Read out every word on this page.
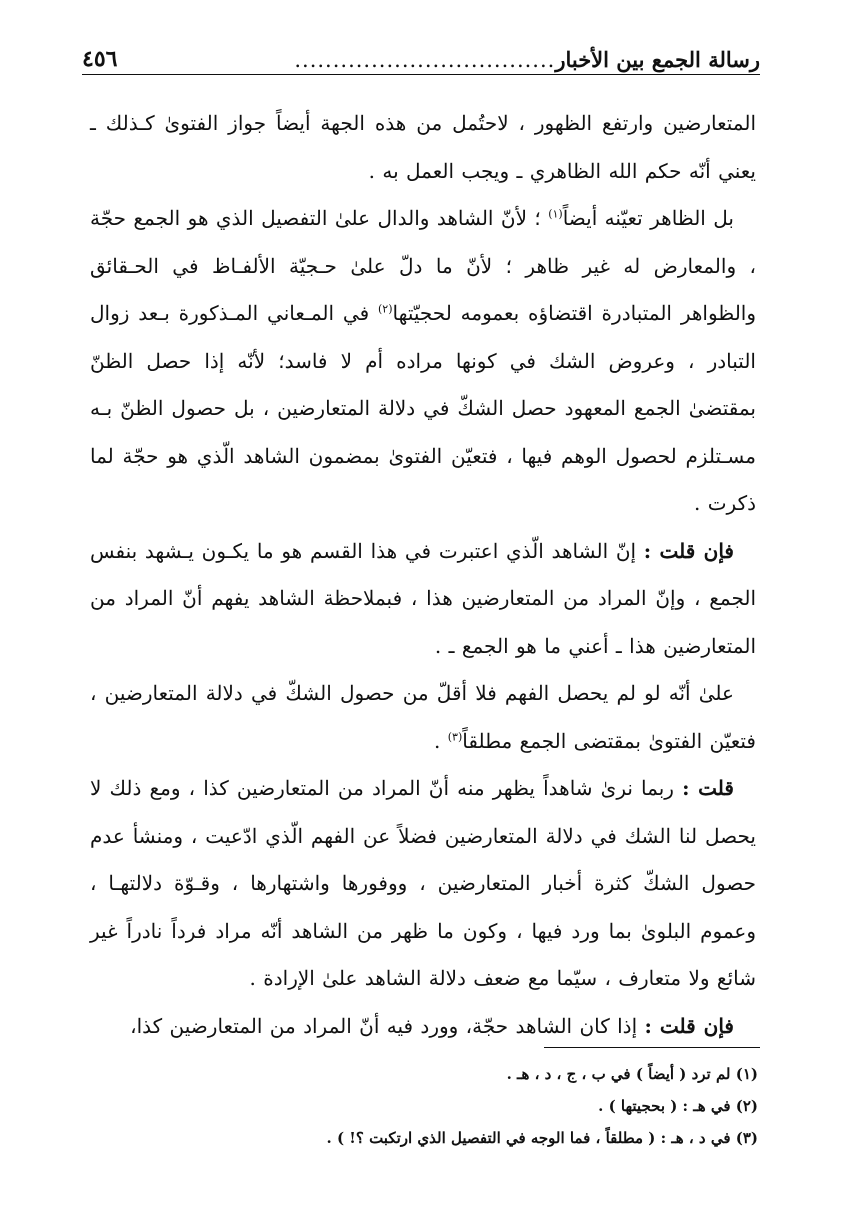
رسالة الجمع بين الأخبار
..................................
٤٥٦

المتعارضين وارتفع الظهور ، لاحتُمل من هذه الجهة أيضاً جواز الفتوىٰ كـذلك ـ يعني أنّه حكم الله الظاهري ـ ويجب العمل به .

بل الظاهر تعيّنه أيضاً$^{(١)}$ ؛ لأنّ الشاهد والدال علىٰ التفصيل الذي هو الجمع حجّة ، والمعارض له غير ظاهر ؛ لأنّ ما دلّ علىٰ حـجيّة الألفـاظ في الحـقائق والظواهر المتبادرة اقتضاؤه بعمومه لحجيّتها$^{(٢)}$ في المـعاني المـذكورة بـعد زوال التبادر ، وعروض الشك في كونها مراده أم لا فاسد؛ لأنّه إذا حصل الظنّ بمقتضىٰ الجمع المعهود حصل الشكّ في دلالة المتعارضين ، بل حصول الظنّ بـه مسـتلزم لحصول الوهم فيها ، فتعيّن الفتوىٰ بمضمون الشاهد الّذي هو حجّة لما ذكرت .

فإن قلت : إنّ الشاهد الّذي اعتبرت في هذا القسم هو ما يكـون يـشهد بنفس الجمع ، وإنّ المراد من المتعارضين هذا ، فبملاحظة الشاهد يفهم أنّ المراد من المتعارضين هذا ـ أعني ما هو الجمع ـ .

علىٰ أنّه لو لم يحصل الفهم فلا أقلّ من حصول الشكّ في دلالة المتعارضين ، فتعيّن الفتوىٰ بمقتضى الجمع مطلقاً$^{(٣)}$ .

قلت : ربما نرىٰ شاهداً يظهر منه أنّ المراد من المتعارضين كذا ، ومع ذلك لا يحصل لنا الشك في دلالة المتعارضين فضلاً عن الفهم الّذي ادّعيت ، ومنشأ عدم حصول الشكّ كثرة أخبار المتعارضين ، ووفورها واشتهارها ، وقـوّة دلالتهـا ، وعموم البلوىٰ بما ورد فيها ، وكون ما ظهر من الشاهد أنّه مراد فرداً نادراً غير شائع ولا متعارف ، سيّما مع ضعف دلالة الشاهد علىٰ الإرادة .

فإن قلت : إذا كان الشاهد حجّة، وورد فيه أنّ المراد من المتعارضين كذا،

(١) لم ترد ( أيضاً ) في ب ، ج ، د ، هـ .
(٢) في هـ : ( بحجيتها ) .
(٣) في د ، هـ : ( مطلقاً ، فما الوجه في التفصيل الذي ارتكبت ؟! ) .
